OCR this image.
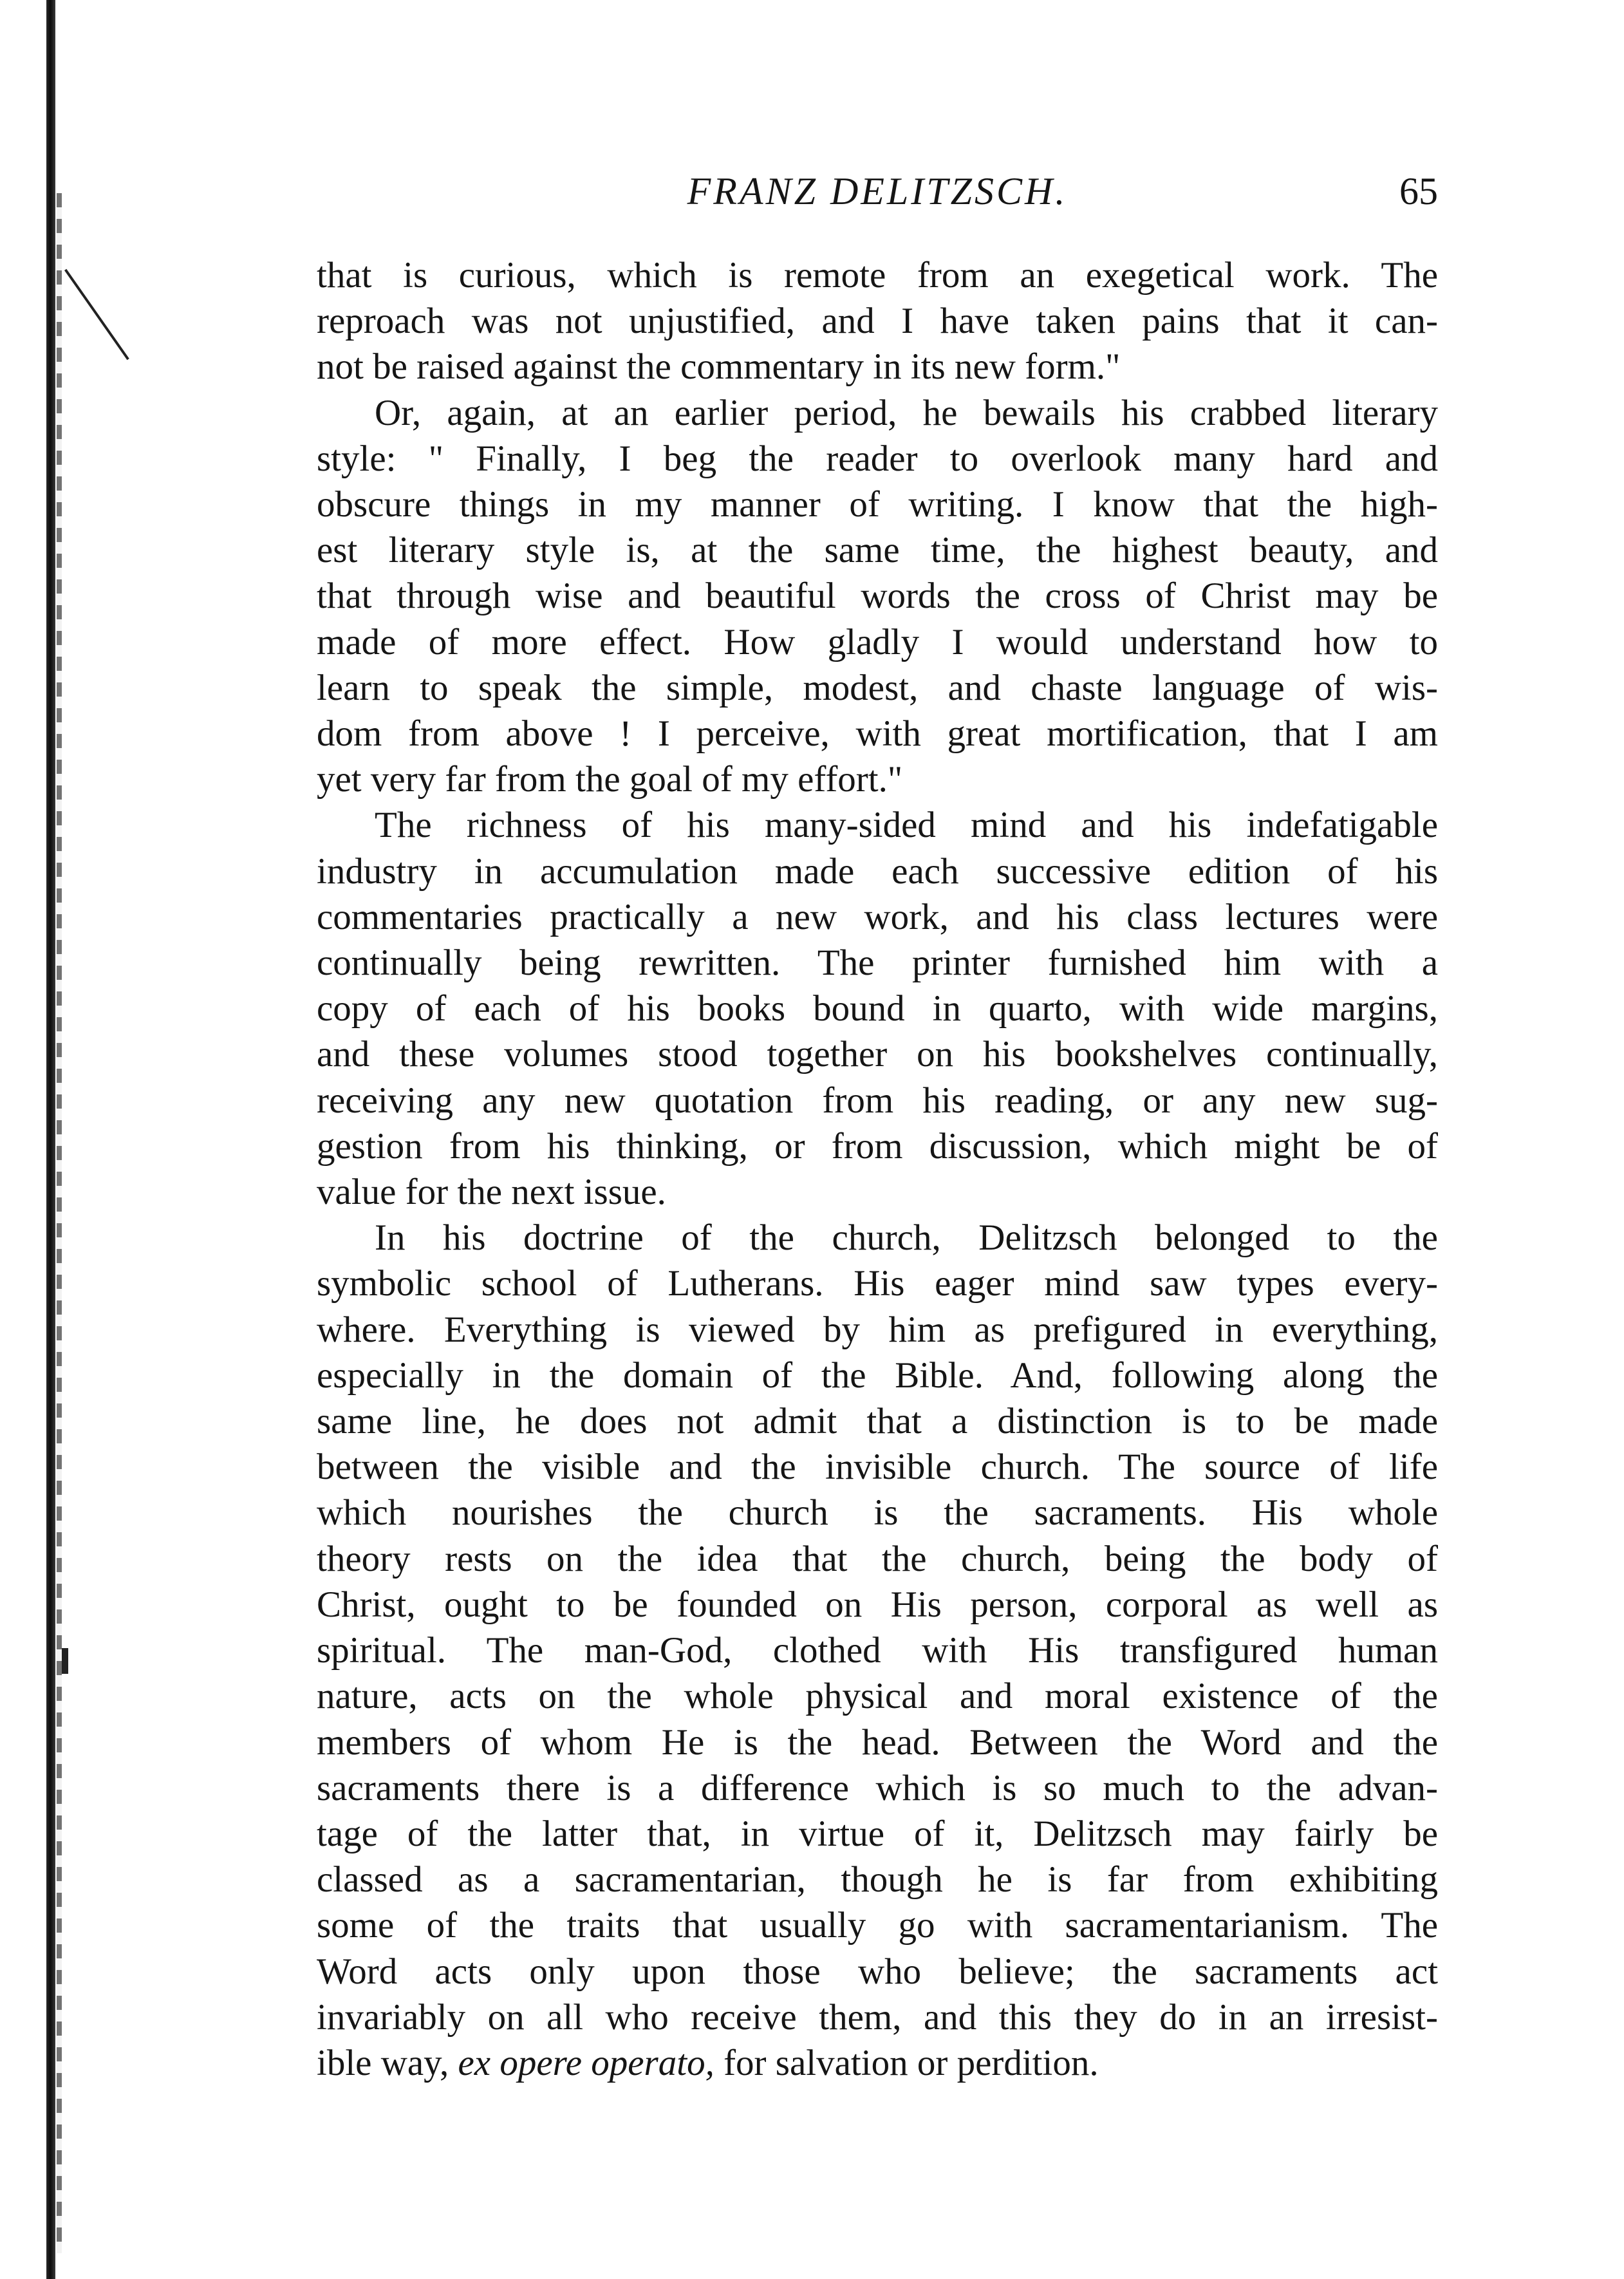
FRANZ DELITZSCH.	65

that is curious, which is remote from an exegetical work. The
reproach was not unjustified, and I have taken pains that it can-
not be raised against the commentary in its new form."

Or, again, at an earlier period, he bewails his crabbed literary
style: " Finally, I beg the reader to overlook many hard and
obscure things in my manner of writing. I know that the high-
est literary style is, at the same time, the highest beauty, and
that through wise and beautiful words the cross of Christ may be
made of more effect. How gladly I would understand how to
learn to speak the simple, modest, and chaste language of wis-
dom from above ! I perceive, with great mortification, that I am
yet very far from the goal of my effort."

The richness of his many-sided mind and his indefatigable
industry in accumulation made each successive edition of his
commentaries practically a new work, and his class lectures were
continually being rewritten. The printer furnished him with a
copy of each of his books bound in quarto, with wide margins,
and these volumes stood together on his bookshelves continually,
receiving any new quotation from his reading, or any new sug-
gestion from his thinking, or from discussion, which might be of
value for the next issue.

In his doctrine of the church, Delitzsch belonged to the
symbolic school of Lutherans. His eager mind saw types every-
where. Everything is viewed by him as prefigured in everything,
especially in the domain of the Bible. And, following along the
same line, he does not admit that a distinction is to be made
between the visible and the invisible church. The source of life
which nourishes the church is the sacraments. His whole
theory rests on the idea that the church, being the body of
Christ, ought to be founded on His person, corporal as well as
spiritual. The man-God, clothed with His transfigured human
nature, acts on the whole physical and moral existence of the
members of whom He is the head. Between the Word and the
sacraments there is a difference which is so much to the advan-
tage of the latter that, in virtue of it, Delitzsch may fairly be
classed as a sacramentarian, though he is far from exhibiting
some of the traits that usually go with sacramentarianism. The
Word acts only upon those who believe; the sacraments act
invariably on all who receive them, and this they do in an irresist-
ible way, ex opere operato, for salvation or perdition.
